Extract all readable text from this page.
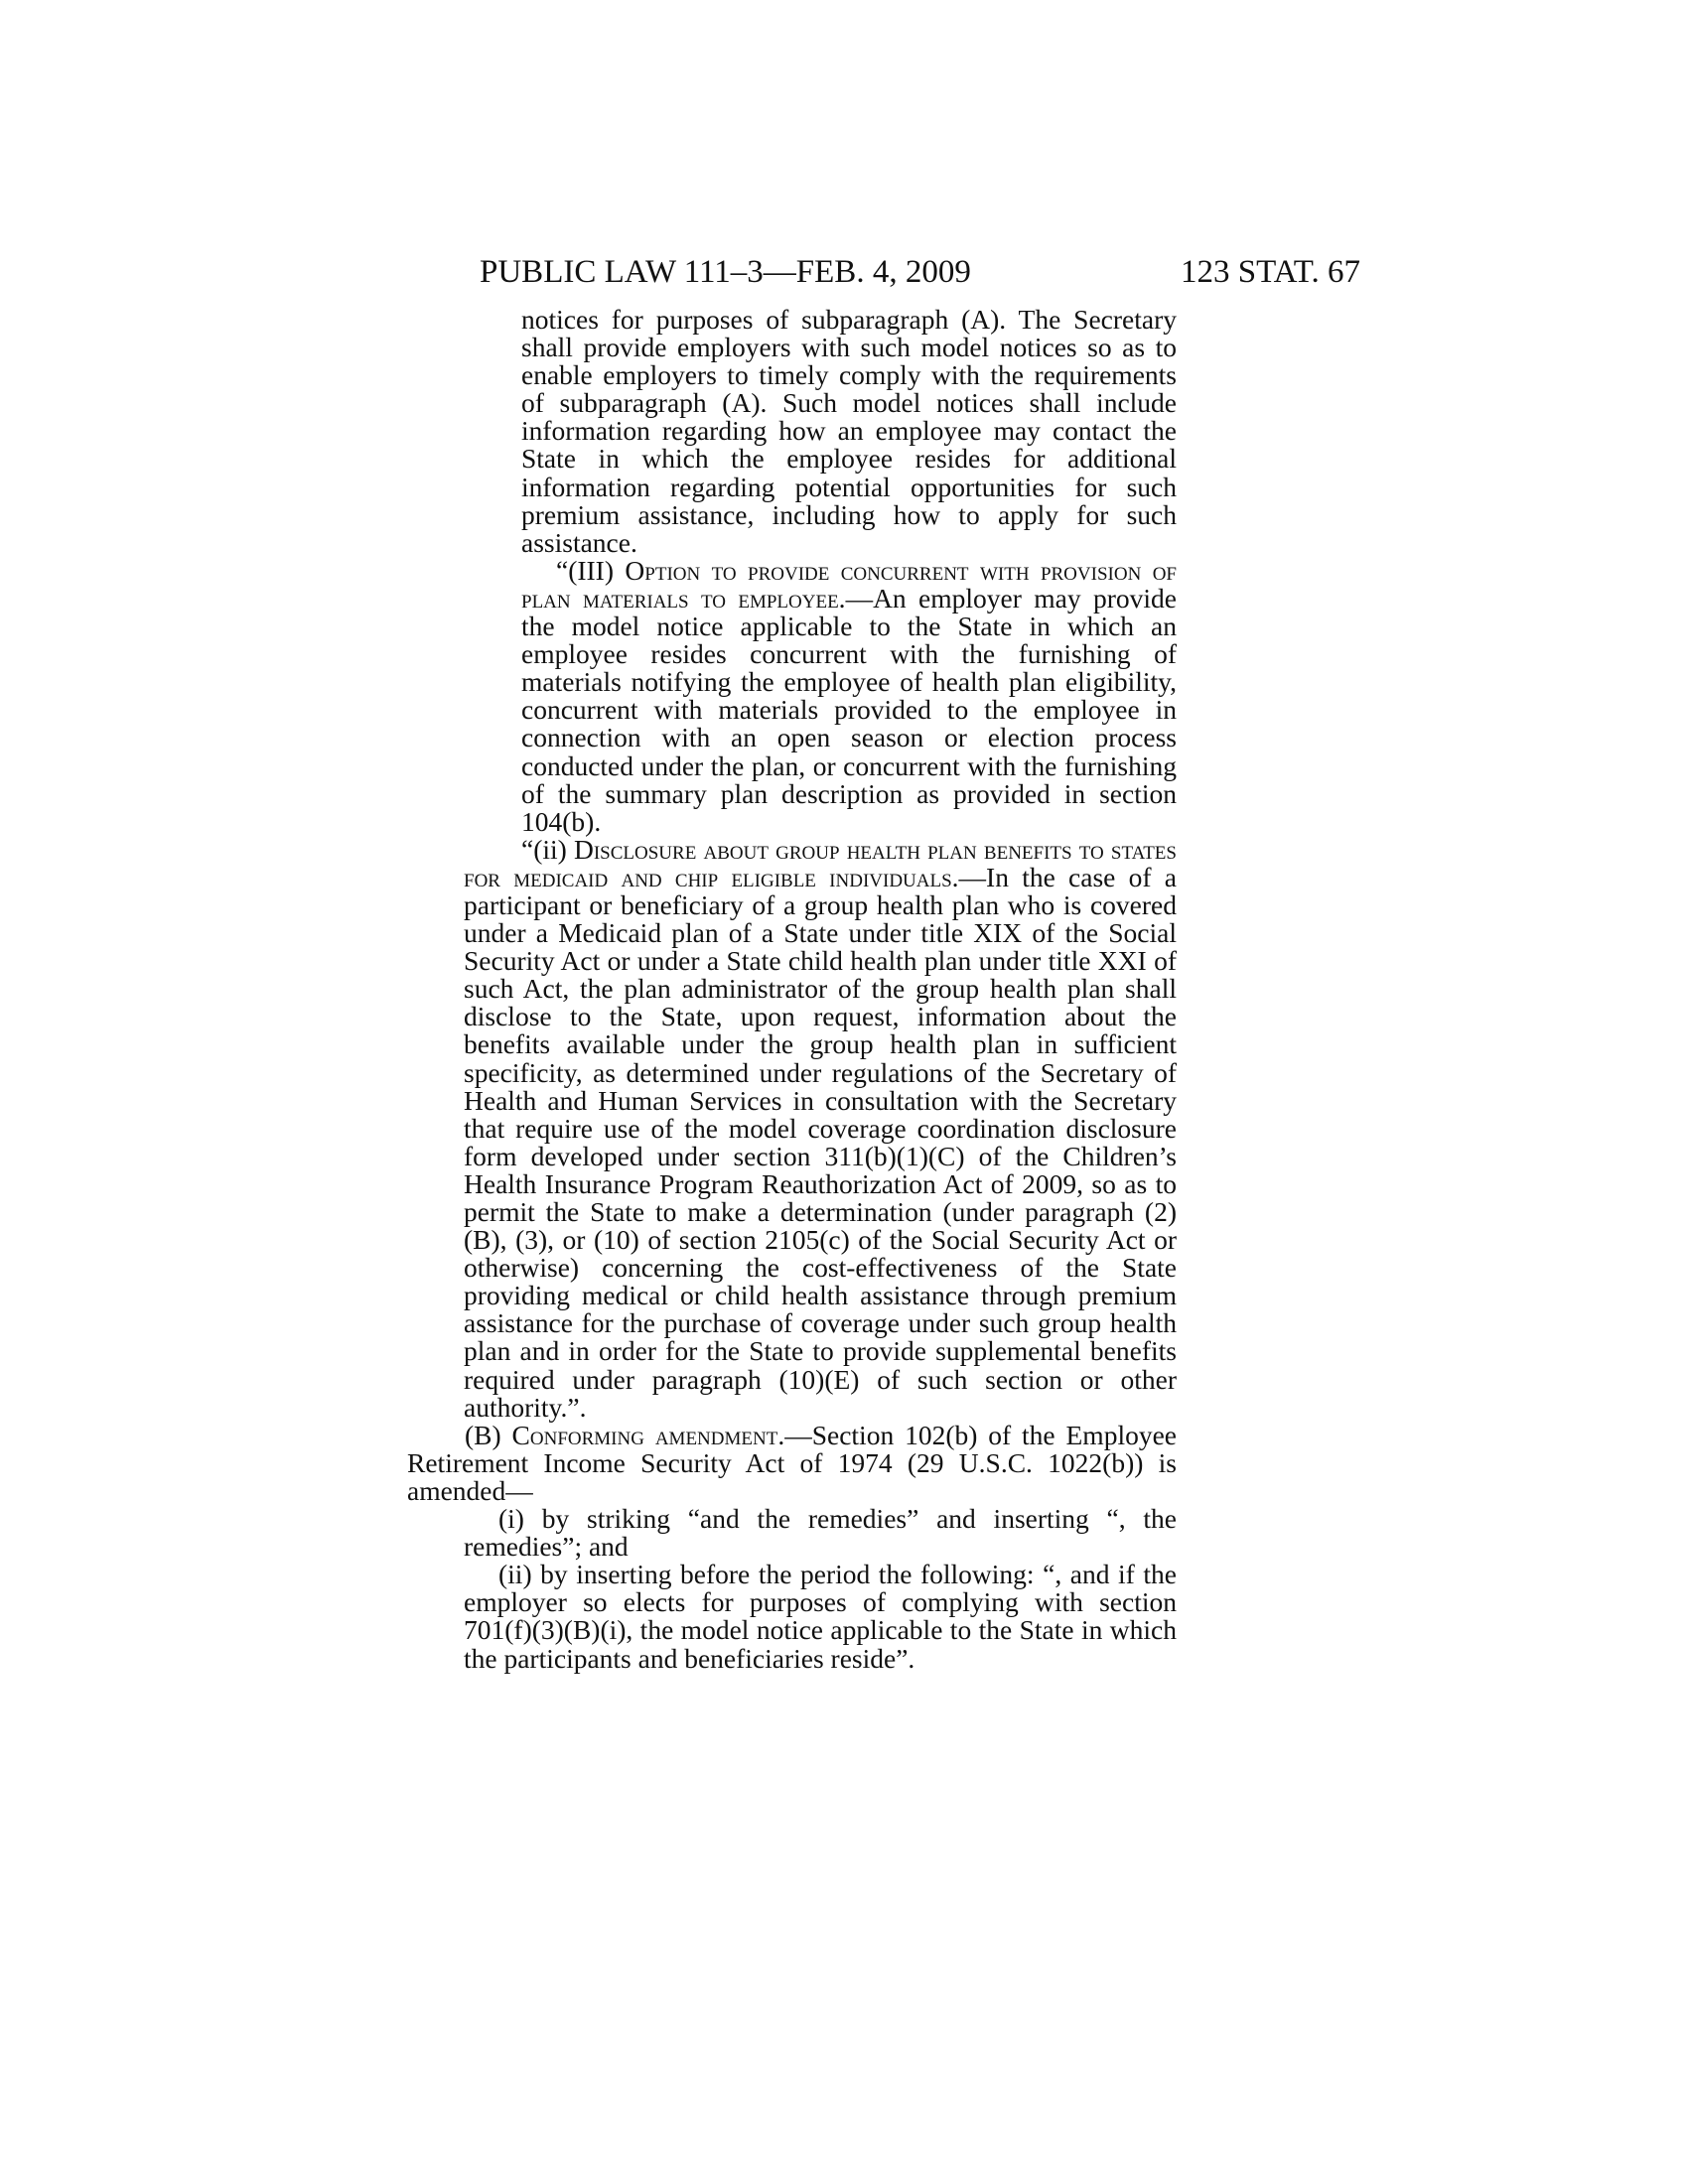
PUBLIC LAW 111–3—FEB. 4, 2009	123 STAT. 67

notices for purposes of subparagraph (A). The Secretary shall provide employers with such model notices so as to enable employers to timely comply with the requirements of subparagraph (A). Such model notices shall include information regarding how an employee may contact the State in which the employee resides for additional information regarding potential opportunities for such premium assistance, including how to apply for such assistance.

“(III) Option to provide concurrent with provision of plan materials to employee.—An employer may provide the model notice applicable to the State in which an employee resides concurrent with the furnishing of materials notifying the employee of health plan eligibility, concurrent with materials provided to the employee in connection with an open season or election process conducted under the plan, or concurrent with the furnishing of the summary plan description as provided in section 104(b).

“(ii) Disclosure about group health plan benefits to states for medicaid and chip eligible individuals.—In the case of a participant or beneficiary of a group health plan who is covered under a Medicaid plan of a State under title XIX of the Social Security Act or under a State child health plan under title XXI of such Act, the plan administrator of the group health plan shall disclose to the State, upon request, information about the benefits available under the group health plan in sufficient specificity, as determined under regulations of the Secretary of Health and Human Services in consultation with the Secretary that require use of the model coverage coordination disclosure form developed under section 311(b)(1)(C) of the Children’s Health Insurance Program Reauthorization Act of 2009, so as to permit the State to make a determination (under paragraph (2)(B), (3), or (10) of section 2105(c) of the Social Security Act or otherwise) concerning the cost-effectiveness of the State providing medical or child health assistance through premium assistance for the purchase of coverage under such group health plan and in order for the State to provide supplemental benefits required under paragraph (10)(E) of such section or other authority.”.

(B) Conforming amendment.—Section 102(b) of the Employee Retirement Income Security Act of 1974 (29 U.S.C. 1022(b)) is amended—

(i) by striking “and the remedies” and inserting “, the remedies”; and

(ii) by inserting before the period the following: “, and if the employer so elects for purposes of complying with section 701(f)(3)(B)(i), the model notice applicable to the State in which the participants and beneficiaries reside”.
